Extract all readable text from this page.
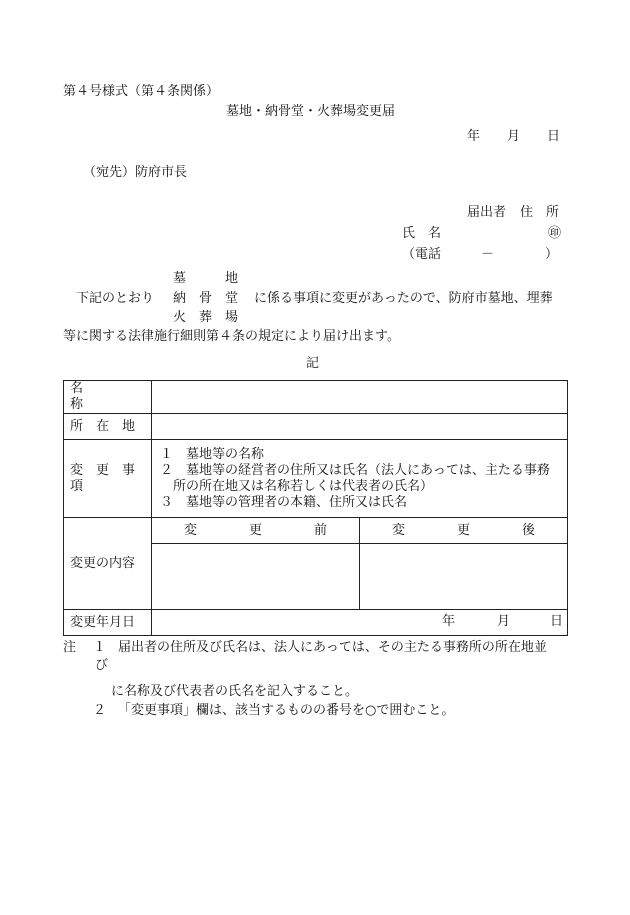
第４号様式（第４条関係）
墓地・納骨堂・火葬場変更届
年 月 日
（宛先）防府市長
届出者 住　所
氏　名	㊞
（電話	－	）
墓　　　地
下記のとおり 納　骨　堂 に係る事項に変更があったので、防府市墓地、埋葬
火　葬　場
等に関する法律施行細則第４条の規定により届け出ます。
記
名　　　　称		
所　在　地		
変　更　事　項	１　墓地等の名称
２　墓地等の経営者の住所又は氏名（法人にあっては、主たる事務
　所の所在地又は名称若しくは代表者の氏名）
３　墓地等の管理者の本籍、住所又は氏名	

変更の内容	変　　　　更　　　　前	変　　　　更　　　　後

変更年月日	年 月 日	
注 １ 届出者の住所及び氏名は、法人にあっては、その主たる事務所の所在地並
び
に名称及び代表者の氏名を記入すること。
２ 「変更事項」欄は、該当するものの番号を○で囲むこと。
